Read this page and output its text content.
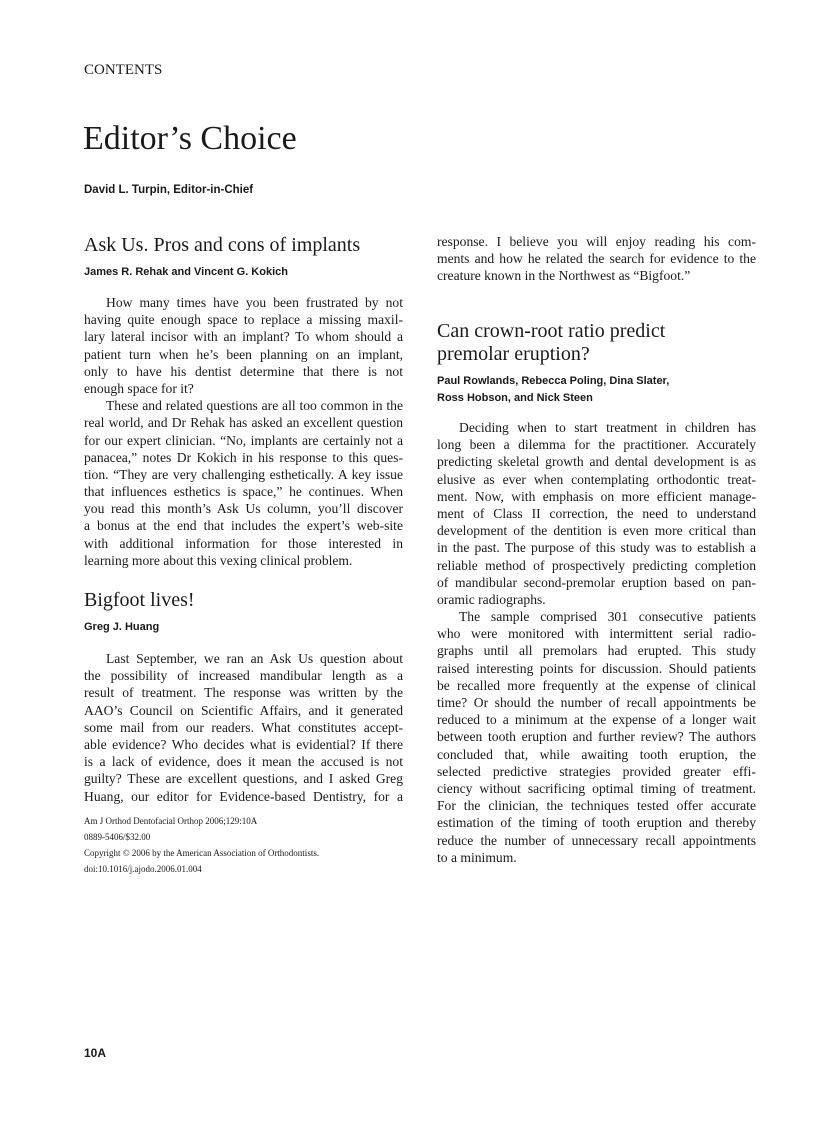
CONTENTS
Editor’s Choice
David L. Turpin, Editor-in-Chief
Ask Us. Pros and cons of implants
James R. Rehak and Vincent G. Kokich
How many times have you been frustrated by not
having quite enough space to replace a missing maxil-
lary lateral incisor with an implant? To whom should a
patient turn when he’s been planning on an implant,
only to have his dentist determine that there is not
enough space for it?
These and related questions are all too common in the
real world, and Dr Rehak has asked an excellent question
for our expert clinician. “No, implants are certainly not a
panacea,” notes Dr Kokich in his response to this ques-
tion. “They are very challenging esthetically. A key issue
that influences esthetics is space,” he continues. When
you read this month’s Ask Us column, you’ll discover
a bonus at the end that includes the expert’s web-site
with additional information for those interested in
learning more about this vexing clinical problem.
Bigfoot lives!
Greg J. Huang
Last September, we ran an Ask Us question about
the possibility of increased mandibular length as a
result of treatment. The response was written by the
AAO’s Council on Scientific Affairs, and it generated
some mail from our readers. What constitutes accept-
able evidence? Who decides what is evidential? If there
is a lack of evidence, does it mean the accused is not
guilty? These are excellent questions, and I asked Greg
Huang, our editor for Evidence-based Dentistry, for a
response. I believe you will enjoy reading his com-
ments and how he related the search for evidence to the
creature known in the Northwest as “Bigfoot.”
Can crown-root ratio predict
premolar eruption?
Paul Rowlands, Rebecca Poling, Dina Slater,
Ross Hobson, and Nick Steen
Deciding when to start treatment in children has
long been a dilemma for the practitioner. Accurately
predicting skeletal growth and dental development is as
elusive as ever when contemplating orthodontic treat-
ment. Now, with emphasis on more efficient manage-
ment of Class II correction, the need to understand
development of the dentition is even more critical than
in the past. The purpose of this study was to establish a
reliable method of prospectively predicting completion
of mandibular second-premolar eruption based on pan-
oramic radiographs.
The sample comprised 301 consecutive patients
who were monitored with intermittent serial radio-
graphs until all premolars had erupted. This study
raised interesting points for discussion. Should patients
be recalled more frequently at the expense of clinical
time? Or should the number of recall appointments be
reduced to a minimum at the expense of a longer wait
between tooth eruption and further review? The authors
concluded that, while awaiting tooth eruption, the
selected predictive strategies provided greater effi-
ciency without sacrificing optimal timing of treatment.
For the clinician, the techniques tested offer accurate
estimation of the timing of tooth eruption and thereby
reduce the number of unnecessary recall appointments
to a minimum.
Am J Orthod Dentofacial Orthop 2006;129:10A
0889-5406/$32.00
Copyright © 2006 by the American Association of Orthodontists.
doi:10.1016/j.ajodo.2006.01.004
10A
